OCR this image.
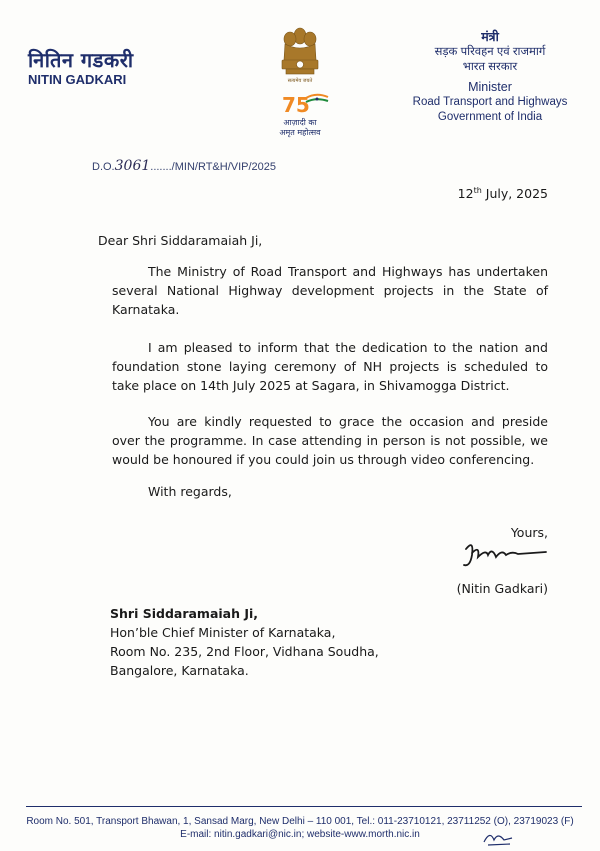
नितिन गडकरी
NITIN GADKARI	सत्यमेव जयते
75
आज़ादी का
अमृत महोत्सव
मंत्री
सड़क परिवहन एवं राजमार्ग
भारत सरकार
Minister
Road Transport and Highways
Government of India
D.O.3061......./MIN/RT&H/VIP/2025
12th July, 2025
Dear Shri Siddaramaiah Ji,
The Ministry of Road Transport and Highways has undertaken several National Highway development projects in the State of Karnataka.
I am pleased to inform that the dedication to the nation and foundation stone laying ceremony of NH projects is scheduled to take place on 14th July 2025 at Sagara, in Shivamogga District.
You are kindly requested to grace the occasion and preside over the programme. In case attending in person is not possible, we would be honoured if you could join us through video conferencing.
With regards,
Yours,
(Nitin Gadkari)
Shri Siddaramaiah Ji,
Hon’ble Chief Minister of Karnataka,
Room No. 235, 2nd Floor, Vidhana Soudha,
Bangalore, Karnataka.
Room No. 501, Transport Bhawan, 1, Sansad Marg, New Delhi – 110 001, Tel.: 011-23710121, 23711252 (O), 23719023 (F)
E-mail: nitin.gadkari@nic.in; website-www.morth.nic.in
